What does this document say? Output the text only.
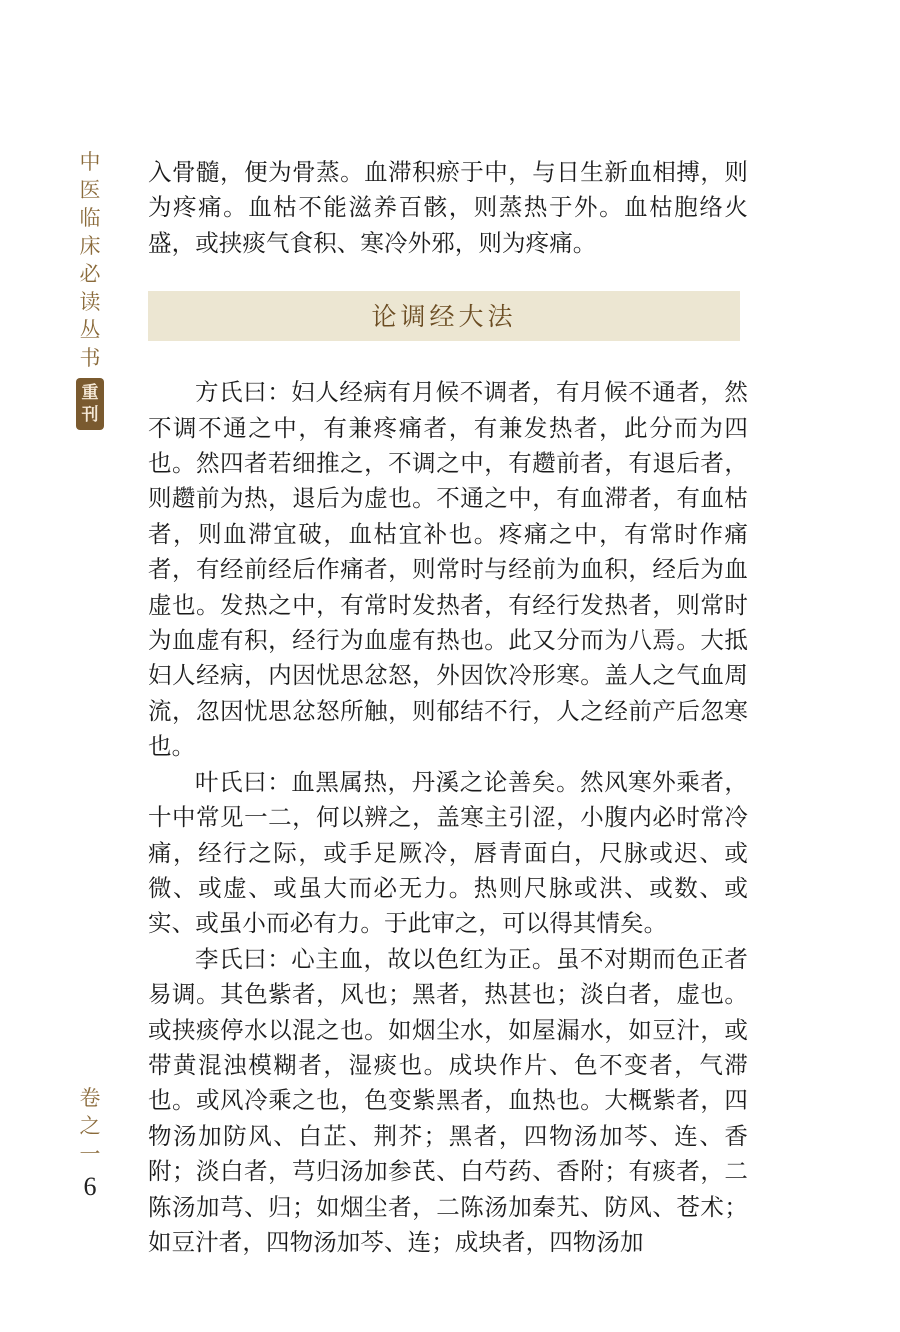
中
医
临
床
必
读
丛
书
重
刊
卷
之
一
6

入骨髓，便为骨蒸。血滞积瘀于中，与日生新血相搏，则为疼痛。血枯不能滋养百骸，则蒸热于外。血枯胞络火盛，或挟痰气食积、寒冷外邪，则为疼痛。

论调经大法

方氏曰：妇人经病有月候不调者，有月候不通者，然不调不通之中，有兼疼痛者，有兼发热者，此分而为四也。然四者若细推之，不调之中，有趱前者，有退后者，则趱前为热，退后为虚也。不通之中，有血滞者，有血枯者，则血滞宜破，血枯宜补也。疼痛之中，有常时作痛者，有经前经后作痛者，则常时与经前为血积，经后为血虚也。发热之中，有常时发热者，有经行发热者，则常时为血虚有积，经行为血虚有热也。此又分而为八焉。大抵妇人经病，内因忧思忿怒，外因饮冷形寒。盖人之气血周流，忽因忧思忿怒所触，则郁结不行，人之经前产后忽寒也。

叶氏曰：血黑属热，丹溪之论善矣。然风寒外乘者，十中常见一二，何以辨之，盖寒主引涩，小腹内必时常冷痛，经行之际，或手足厥冷，唇青面白，尺脉或迟、或微、或虚、或虽大而必无力。热则尺脉或洪、或数、或实、或虽小而必有力。于此审之，可以得其情矣。

李氏曰：心主血，故以色红为正。虽不对期而色正者易调。其色紫者，风也；黑者，热甚也；淡白者，虚也。或挟痰停水以混之也。如烟尘水，如屋漏水，如豆汁，或带黄混浊模糊者，湿痰也。成块作片、色不变者，气滞也。或风冷乘之也，色变紫黑者，血热也。大概紫者，四物汤加防风、白芷、荆芥；黑者，四物汤加芩、连、香附；淡白者，芎归汤加参芪、白芍药、香附；有痰者，二陈汤加芎、归；如烟尘者，二陈汤加秦艽、防风、苍术；如豆汁者，四物汤加芩、连；成块者，四物汤加
